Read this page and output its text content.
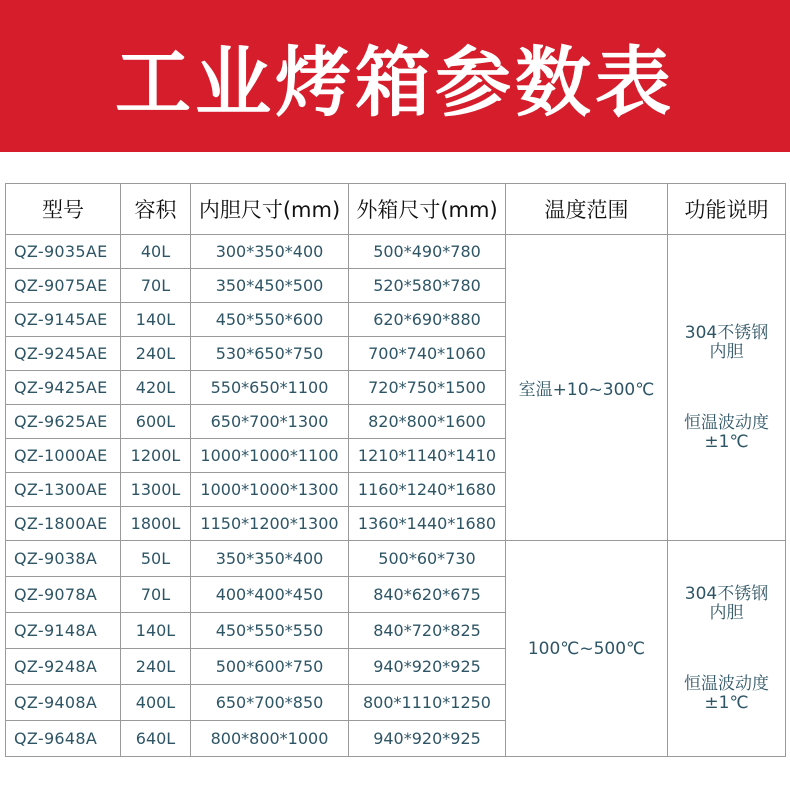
工业烤箱参数表
型号	容积	内胆尺寸(mm)	外箱尺寸(mm)	温度范围	功能说明
QZ-9035AE	40L	300*350*400	500*490*780	室温+10~300℃	304不锈钢
内胆
恒温波动度
±1℃

QZ-9075AE	70L	350*450*500	520*580*780		
QZ-9145AE	140L	450*550*600	620*690*880		
QZ-9245AE	240L	530*650*750	700*740*1060		
QZ-9425AE	420L	550*650*1100	720*750*1500		
QZ-9625AE	600L	650*700*1300	820*800*1600		
QZ-1000AE	1200L	1000*1000*1100	1210*1140*1410		
QZ-1300AE	1300L	1000*1000*1300	1160*1240*1680		
QZ-1800AE	1800L	1150*1200*1300	1360*1440*1680		
QZ-9038A	50L	350*350*400	500*60*730	100℃~500℃	304不锈钢
内胆
恒温波动度
±1℃

QZ-9078A	70L	400*400*450	840*620*675		
QZ-9148A	140L	450*550*550	840*720*825		
QZ-9248A	240L	500*600*750	940*920*925		
QZ-9408A	400L	650*700*850	800*1110*1250		
QZ-9648A	640L	800*800*1000	940*920*925		
